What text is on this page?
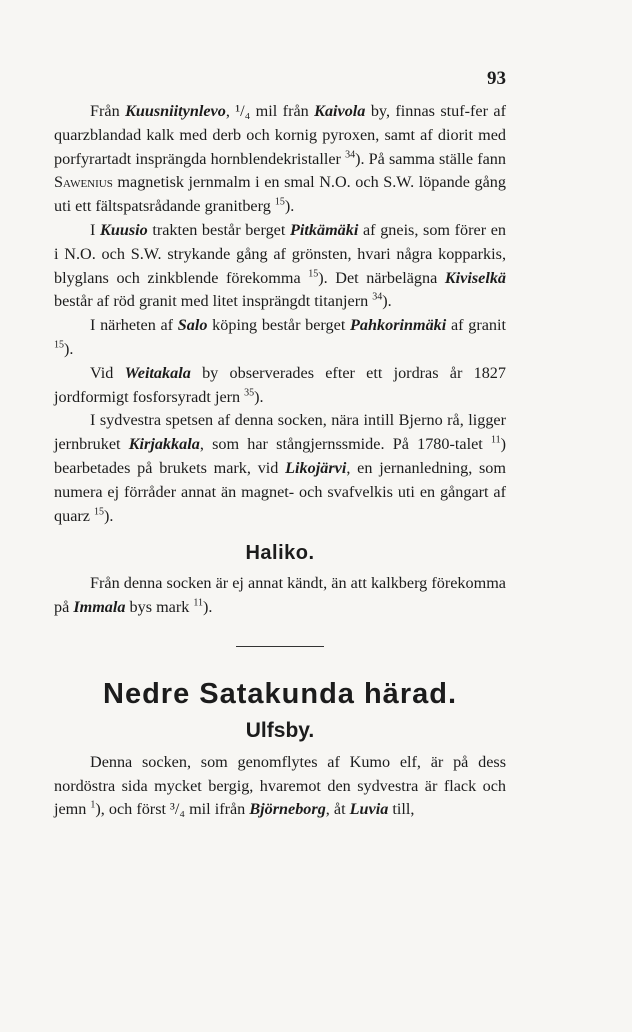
93

Från Kuusniitynlevo, ¹/₄ mil från Kaivola by, finnas stuf-fer af quarzblandad kalk med derb och kornig pyroxen, samt af diorit med porfyrartadt insprängda hornblendekristaller $^{34}$). På samma ställe fann Sawenius magnetisk jernmalm i en smal N.O. och S.W. löpande gång uti ett fältspatsrådande granitberg $^{15}$).

I Kuusio trakten består berget Pitkämäki af gneis, som förer en i N.O. och S.W. strykande gång af grönsten, hvari några kopparkis, blyglans och zinkblende förekomma $^{15}$). Det närbelägna Kiviselkä består af röd granit med litet insprängdt titanjern $^{34}$).

I närheten af Salo köping består berget Pahkorinmäki af granit $^{15}$).

Vid Weitakala by observerades efter ett jordras år 1827 jordformigt fosforsyradt jern $^{35}$).

I sydvestra spetsen af denna socken, nära intill Bjerno rå, ligger jernbruket Kirjakkala, som har stångjernssmide. På 1780-talet $^{11}$) bearbetades på brukets mark, vid Likojärvi, en jernanledning, som numera ej förråder annat än magnet- och svafvelkis uti en gångart af quarz $^{15}$).

Haliko.

Från denna socken är ej annat kändt, än att kalkberg förekomma på Immala bys mark $^{11}$).

Nedre Satakunda härad.
Ulfsby.

Denna socken, som genomflytes af Kumo elf, är på dess nordöstra sida mycket bergig, hvaremot den sydvestra är flack och jemn $^1$), och först ³/₄ mil ifrån Björneborg, åt Luvia till,
